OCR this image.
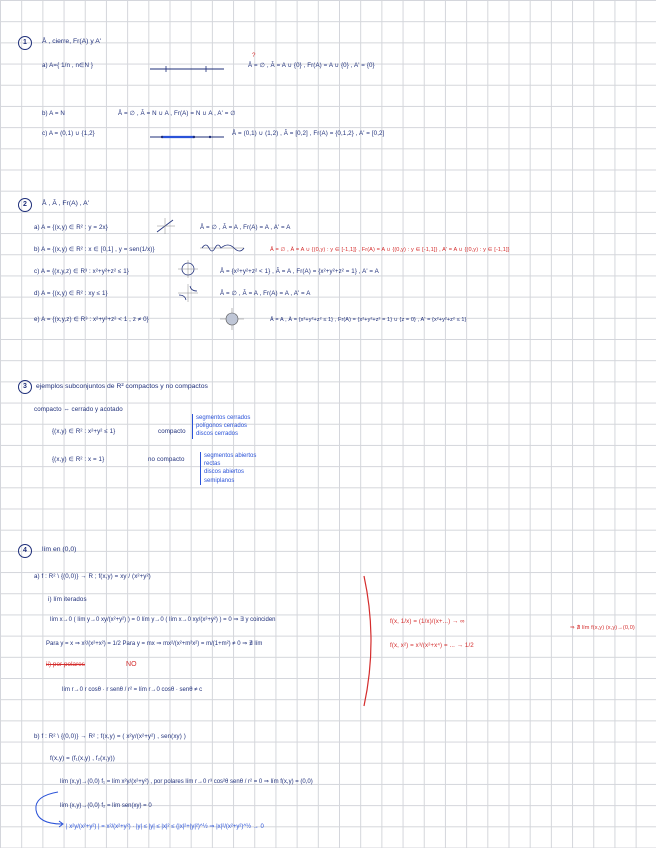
1	Å , cierre, Fr(A) y A'
a) A={ 1/n , n∈N }
?
Å = ∅ , Ā = A ∪ {0} , Fr(A) = A ∪ {0} , A' = {0}
b) A = N	Å = ∅ , Ā = N ∪ A , Fr(A) = N ∪ A , A' = ∅
c) A = (0,1) ∪ {1,2}	Å = (0,1) ∪ (1,2) , Ā = [0,2] , Fr(A) = {0,1,2} , A' = [0,2]
2	Å , Ā , Fr(A) , A'
a) A = {(x,y) ∈ R² : y = 2x}	Å = ∅ , Ā = A , Fr(A) = A , A' = A
b) A = {(x,y) ∈ R² : x ∈ [0,1] , y = sen(1/x)}	Å = ∅ , Ā = A ∪ {(0,y) : y ∈ [-1,1]} , Fr(A) = A ∪ {(0,y) : y ∈ [-1,1]} , A' = A ∪ {(0,y) : y ∈ [-1,1]}
c) A = {(x,y,z) ∈ R³ : x²+y²+z² ≤ 1}	Å = {x²+y²+z² < 1} , Ā = A , Fr(A) = {x²+y²+z² = 1} , A' = A
d) A = {(x,y) ∈ R² : xy ≤ 1}	Å = ∅ , Ā = A , Fr(A) = A , A' = A
e) A = {(x,y,z) ∈ R³ : x²+y²+z² < 1 , z ≠ 0}	Å = A , Ā = {x²+y²+z² ≤ 1} , Fr(A) = {x²+y²+z² = 1} ∪ {z = 0} , A' = {x²+y²+z² ≤ 1}
3	ejemplos subconjuntos de R² compactos y no compactos
compacto ⇔ cerrado y acotado
{(x,y) ∈ R² : x²+y² ≤ 1}	compacto
segmentos cerrados
polígonos cerrados
discos cerrados
{(x,y) ∈ R² : x = 1}	no compacto	segmentos abiertos
rectas
discos abiertos
semiplanos
4	lím en (0,0)
a) f : R² \ {(0,0)} → R ; f(x,y) = xy / (x²+y²)
i) lím iterados
lím x→0 ( lím y→0 xy/(x²+y²) ) = 0 lím y→0 ( lím x→0 xy/(x²+y²) ) = 0 ⇒ ∃ y coinciden
Para y = x ⇒ x²/(x²+x²) = 1/2 Para y = mx ⇒ mx²/(x²+m²x²) = m/(1+m²) ≠ 0 ⇒ ∄ lím
ii) por polares	NO
lím r→0 r cosθ · r senθ / r² = lím r→0 cosθ · senθ ≠ c
f(x, 1/x) = (1/x)/(x+...) → ∞
f(x, x²) = x³/(x²+x⁴) = ... → 1/2
⇒ ∄ lím f(x,y) (x,y)→(0,0)
b) f : R² \ {(0,0)} → R² ; f(x,y) = ( x²y/(x²+y²) , sen(xy) )
f(x,y) = (f₁(x,y) , f₂(x,y))
lím (x,y)→(0,0) f₁ = lím x²y/(x²+y²) , por polares lím r→0 r³ cos²θ senθ / r² = 0 ⇒ lím f(x,y) = (0,0)
lím (x,y)→(0,0) f₂ = lím sen(xy) = 0
| x²y/(x²+y²) | = x²/(x²+y²) · |y| ≤ |y| ≤ |x|² ≤ (|x|²+|y|²)^½ ⇒ |x|²/(x²+y²)^½ → 0
